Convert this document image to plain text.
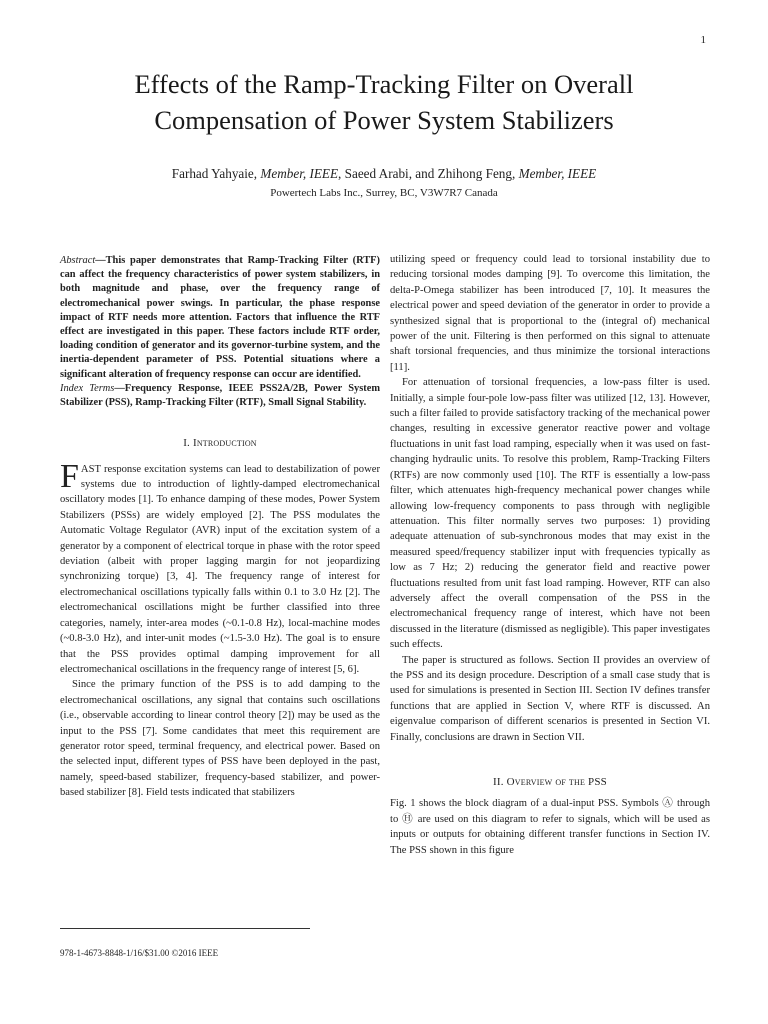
1
Effects of the Ramp-Tracking Filter on Overall
Compensation of Power System Stabilizers
Farhad Yahyaie, Member, IEEE, Saeed Arabi, and Zhihong Feng, Member, IEEE
Powertech Labs Inc., Surrey, BC, V3W7R7 Canada

Abstract—This paper demonstrates that Ramp-Tracking Filter (RTF) can affect the frequency characteristics of power system stabilizers, in both magnitude and phase, over the frequency range of electromechanical power swings. In particular, the phase response impact of RTF needs more attention. Factors that influence the RTF effect are investigated in this paper. These factors include RTF order, loading condition of generator and its governor-turbine system, and the inertia-dependent parameter of PSS. Potential situations where a significant alteration of frequency response can occur are identified.

Index Terms—Frequency Response, IEEE PSS2A/2B, Power System Stabilizer (PSS), Ramp-Tracking Filter (RTF), Small Signal Stability.

I. Introduction

FAST response excitation systems can lead to destabilization of power systems due to introduction of lightly-damped electromechanical oscillatory modes [1]. To enhance damping of these modes, Power System Stabilizers (PSSs) are widely employed [2]. The PSS modulates the Automatic Voltage Regulator (AVR) input of the excitation system of a generator by a component of electrical torque in phase with the rotor speed deviation (albeit with proper lagging margin for not jeopardizing synchronizing torque) [3, 4]. The frequency range of interest for electromechanical oscillations typically falls within 0.1 to 3.0 Hz [2]. The electromechanical oscillations might be further classified into three categories, namely, inter-area modes (~0.1-0.8 Hz), local-machine modes (~0.8-3.0 Hz), and inter-unit modes (~1.5-3.0 Hz). The goal is to ensure that the PSS provides optimal damping improvement for all electromechanical oscillations in the frequency range of interest [5, 6].

Since the primary function of the PSS is to add damping to the electromechanical oscillations, any signal that contains such oscillations (i.e., observable according to linear control theory [2]) may be used as the input to the PSS [7]. Some candidates that meet this requirement are generator rotor speed, terminal frequency, and electrical power. Based on the selected input, different types of PSS have been deployed in the past, namely, speed-based stabilizer, frequency-based stabilizer, and power-based stabilizer [8]. Field tests indicated that stabilizers

utilizing speed or frequency could lead to torsional instability due to reducing torsional modes damping [9]. To overcome this limitation, the delta-P-Omega stabilizer has been introduced [7, 10]. It measures the electrical power and speed deviation of the generator in order to provide a synthesized signal that is proportional to the (integral of) mechanical power of the unit. Filtering is then performed on this signal to attenuate shaft torsional frequencies, and thus minimize the torsional interactions [11].

For attenuation of torsional frequencies, a low-pass filter is used. Initially, a simple four-pole low-pass filter was utilized [12, 13]. However, such a filter failed to provide satisfactory tracking of the mechanical power changes, resulting in excessive generator reactive power and voltage fluctuations in unit fast load ramping, especially when it was used on fast-changing hydraulic units. To resolve this problem, Ramp-Tracking Filters (RTFs) are now commonly used [10]. The RTF is essentially a low-pass filter, which attenuates high-frequency mechanical power changes while allowing low-frequency components to pass through with negligible attenuation. This filter normally serves two purposes: 1) providing adequate attenuation of sub-synchronous modes that may exist in the measured speed/frequency stabilizer input with frequencies typically as low as 7 Hz; 2) reducing the generator field and reactive power fluctuations resulted from unit fast load ramping. However, RTF can also adversely affect the overall compensation of the PSS in the electromechanical frequency range of interest, which have not been discussed in the literature (dismissed as negligible). This paper investigates such effects.

The paper is structured as follows. Section II provides an overview of the PSS and its design procedure. Description of a small case study that is used for simulations is presented in Section III. Section IV defines transfer functions that are applied in Section V, where RTF is discussed. An eigenvalue comparison of different scenarios is presented in Section VI. Finally, conclusions are drawn in Section VII.

II. Overview of the PSS

Fig. 1 shows the block diagram of a dual-input PSS. Symbols Ⓐ through to Ⓗ are used on this diagram to refer to signals, which will be used as inputs or outputs for obtaining different transfer functions in Section IV. The PSS shown in this figure

978-1-4673-8848-1/16/$31.00 ©2016 IEEE
